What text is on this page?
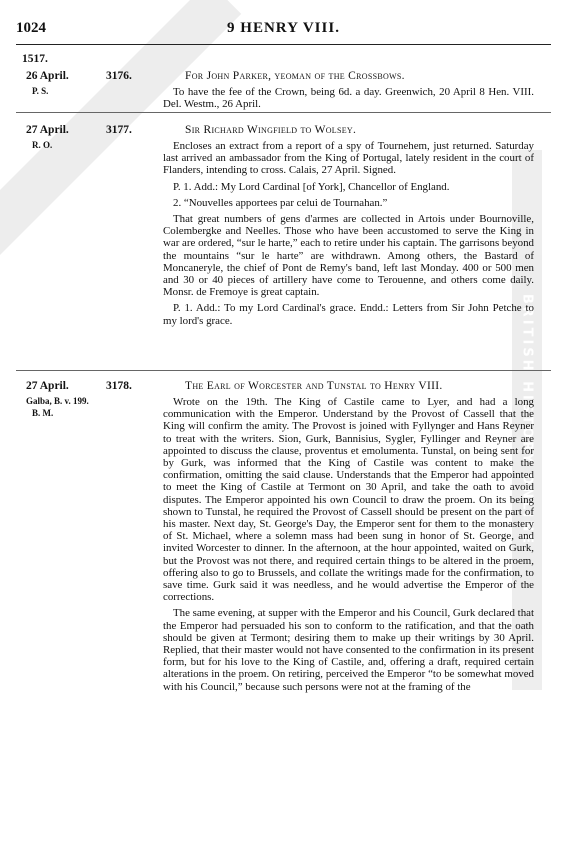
BRITISH HISTORY ONLINE
1024	9 HENRY VIII.
1517.
26 April.
P. S.
3176.	For John Parker, yeoman of the Crossbows.

To have the fee of the Crown, being 6d. a day. Greenwich, 20 April 8 Hen. VIII. Del. Westm., 26 April.

27 April.
R. O.
3177.	Sir Richard Wingfield to Wolsey.

Encloses an extract from a report of a spy of Tournehem, just returned. Saturday last arrived an ambassador from the King of Portugal, lately resident in the court of Flanders, intending to cross. Calais, 27 April. Signed.

P. 1. Add.: My Lord Cardinal [of York], Chancellor of England.

2. “Nouvelles apportees par celui de Tournahan.”

That great numbers of gens d'armes are collected in Artois under Bournoville, Colembergke and Neelles. Those who have been accustomed to serve the King in war are ordered, “sur le harte,” each to retire under his captain. The garrisons beyond the mountains “sur le harte” are withdrawn. Among others, the Bastard of Moncaneryle, the chief of Pont de Remy's band, left last Monday. 400 or 500 men and 30 or 40 pieces of artillery have come to Terouenne, and others come daily. Monsr. de Fremoye is great captain.

P. 1. Add.: To my Lord Cardinal's grace. Endd.: Letters from Sir John Petche to my lord's grace.

27 April.
Galba, B. v. 199.
B. M.
3178.	The Earl of Worcester and Tunstal to Henry VIII.

Wrote on the 19th. The King of Castile came to Lyer, and had a long communication with the Emperor. Understand by the Provost of Cassell that the King will confirm the amity. The Provost is joined with Fyllynger and Hans Reyner to treat with the writers. Sion, Gurk, Bannisius, Sygler, Fyllinger and Reyner are appointed to discuss the clause, proventus et emolumenta. Tunstal, on being sent for by Gurk, was informed that the King of Castile was content to make the confirmation, omitting the said clause. Understands that the Emperor had appointed to meet the King of Castile at Termont on 30 April, and take the oath to avoid disputes. The Emperor appointed his own Council to draw the proem. On its being shown to Tunstal, he required the Provost of Cassell should be present on the part of his master. Next day, St. George's Day, the Emperor sent for them to the monastery of St. Michael, where a solemn mass had been sung in honor of St. George, and invited Worcester to dinner. In the afternoon, at the hour appointed, waited on Gurk, but the Provost was not there, and required certain things to be altered in the proem, offering also to go to Brussels, and collate the writings made for the confirmation, to save time. Gurk said it was needless, and he would advertise the Emperor of the corrections.

The same evening, at supper with the Emperor and his Council, Gurk declared that the Emperor had persuaded his son to conform to the ratification, and that the oath should be given at Termont; desiring them to make up their writings by 30 April. Replied, that their master would not have consented to the confirmation in its present form, but for his love to the King of Castile, and, offering a draft, required certain alterations in the proem. On retiring, perceived the Emperor “to be somewhat moved with his Council,” because such persons were not at the framing of the
